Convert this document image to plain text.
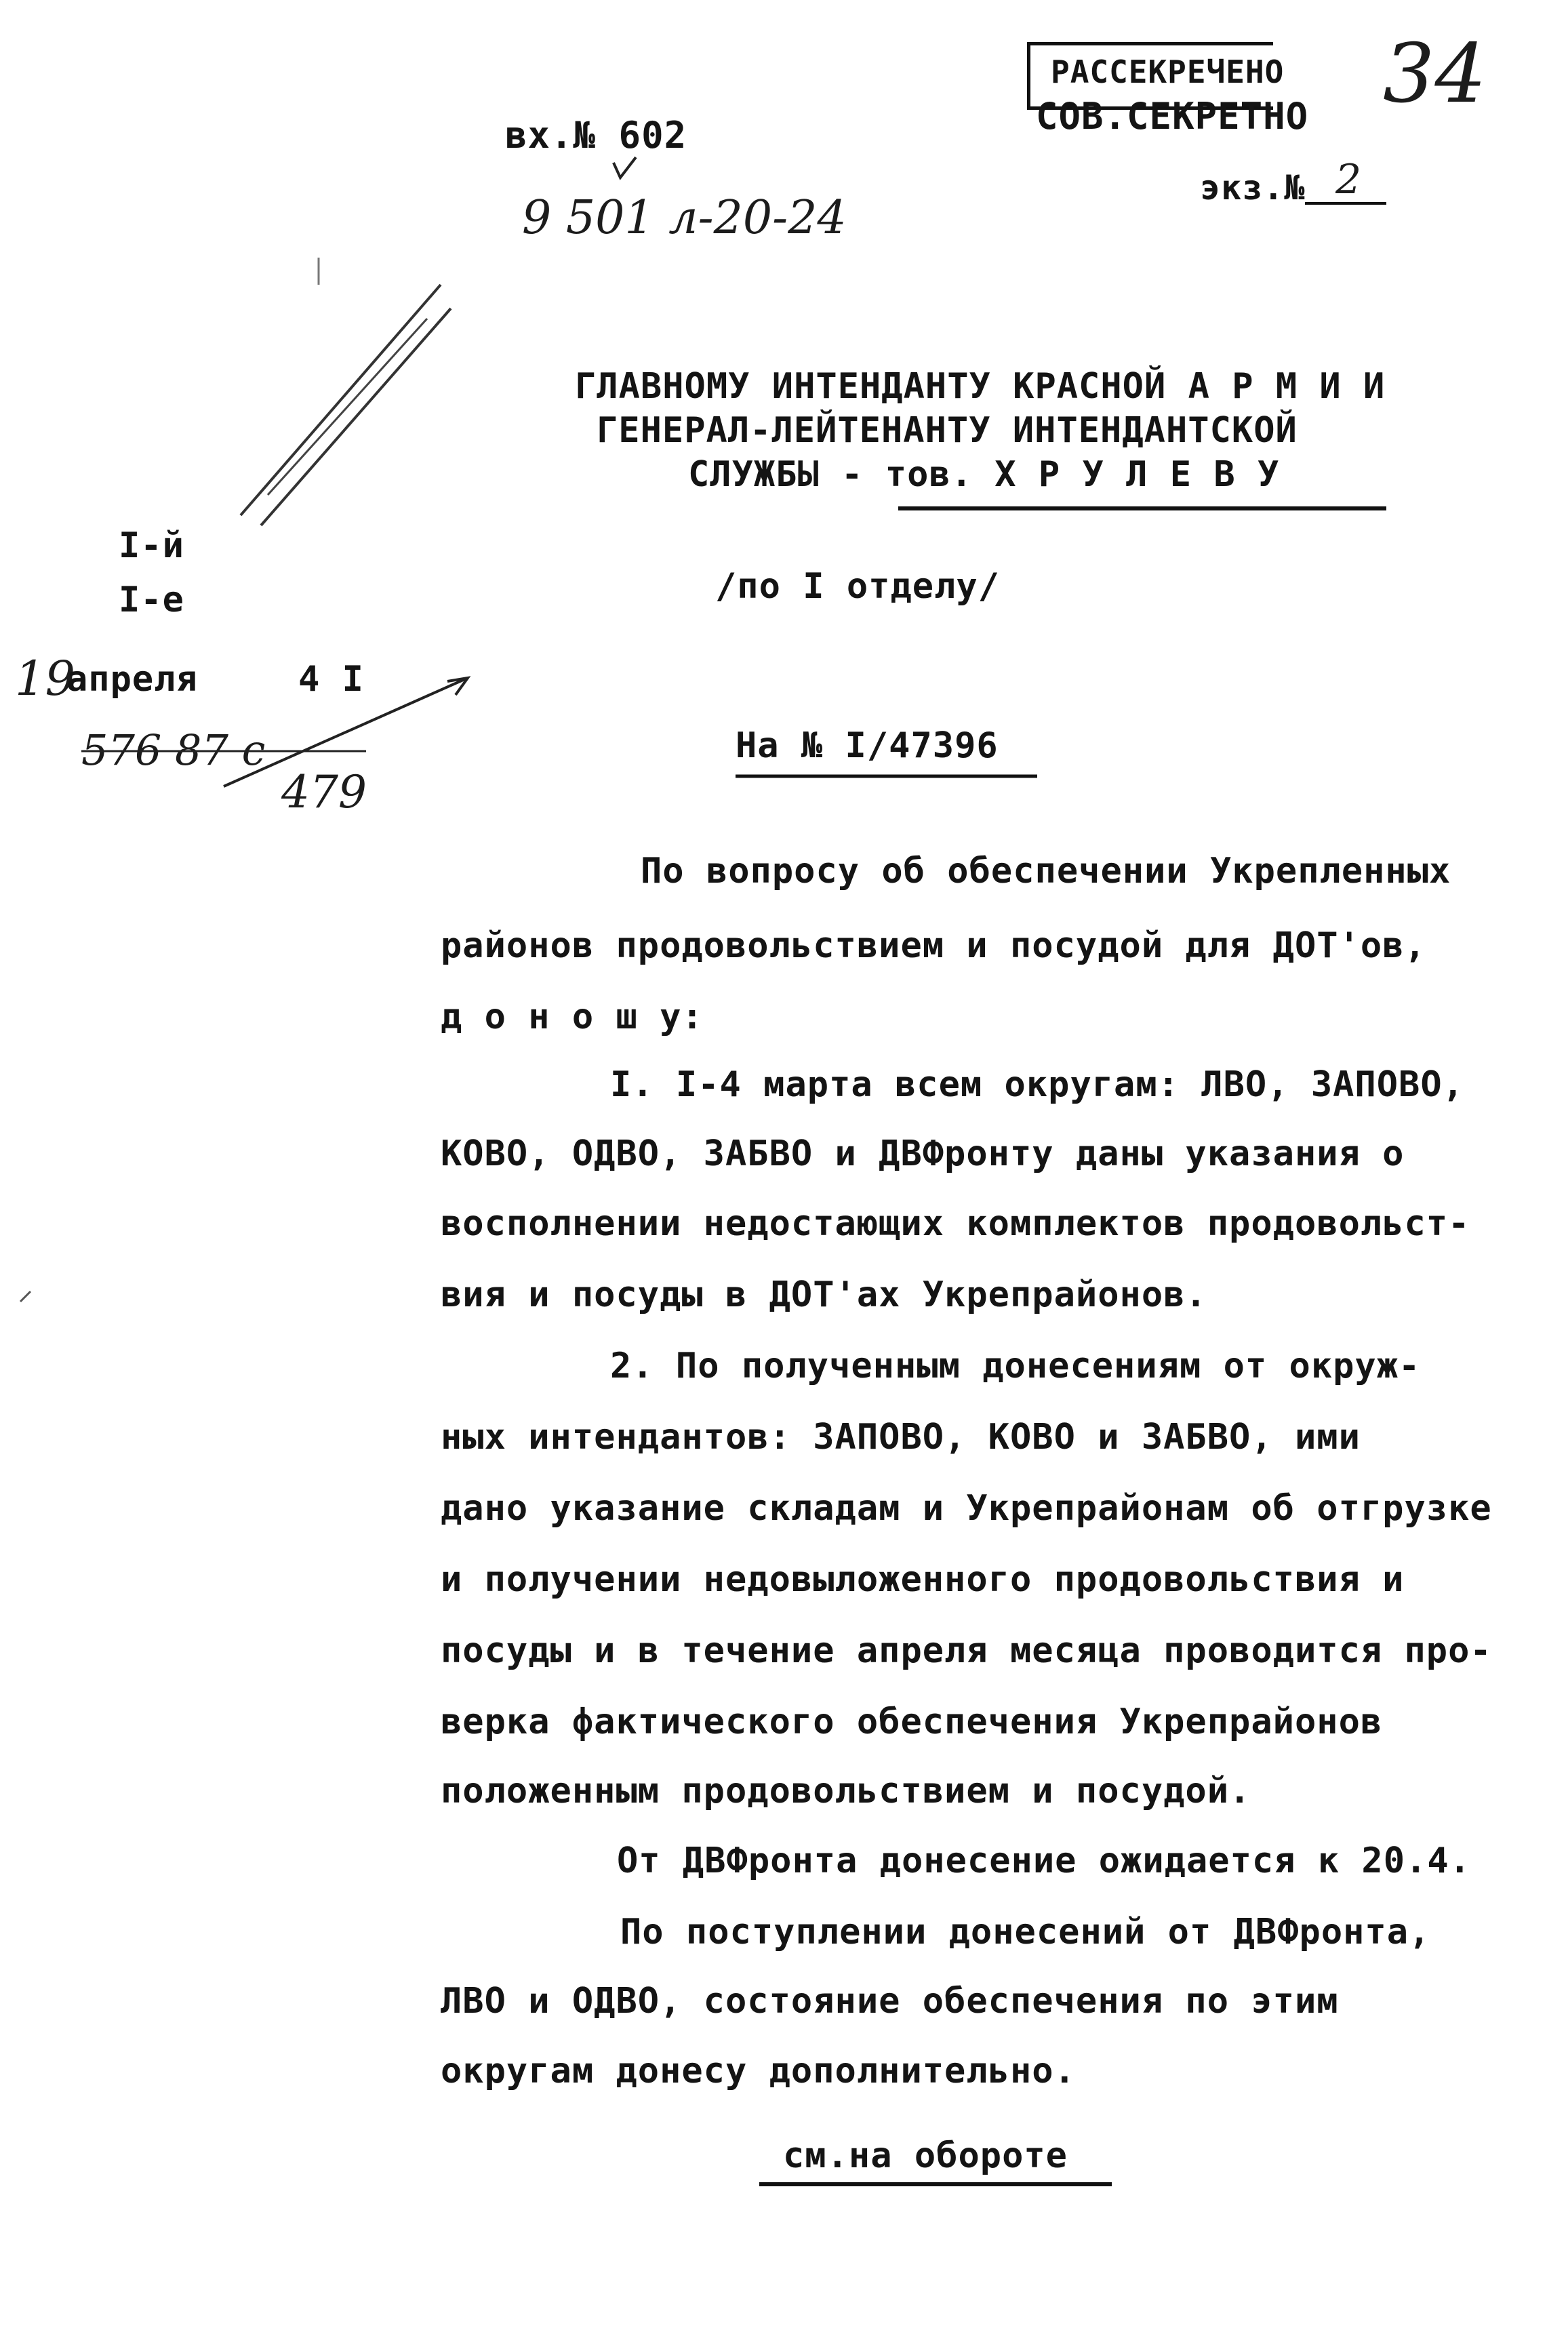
вх.№ 602
РАССЕКРЕЧЕНО
СОВ.СЕКРЕТНО
экз.№ 2
34
9 501 л-20-24
ГЛАВНОМУ ИНТЕНДАНТУ КРАСНОЙ А Р М И И
ГЕНЕРАЛ-ЛЕЙТЕНАНТУ ИНТЕНДАНТСКОЙ
СЛУЖБЫ - тов. Х Р У Л Е В У
/по I отделу/
I-й
I-е
19
апреля	4 I
576 87 с
479
На № I/47396
По вопросу об обеспечении Укрепленных
районов продовольствием и посудой для ДОТ'ов,
д о н о ш у:
I. I-4 марта всем округам: ЛВО, ЗАПОВО,
КОВО, ОДВО, ЗАБВО и ДВФронту даны указания о
восполнении недостающих комплектов продовольст-
вия и посуды в ДОТ'ах Укрепрайонов.
2. По полученным донесениям от окруж-
ных интендантов: ЗАПОВО, КОВО и ЗАБВО, ими
дано указание складам и Укрепрайонам об отгрузке
и получении недовыложенного продовольствия и
посуды и в течение апреля месяца проводится про-
верка фактического обеспечения Укрепрайонов
положенным продовольствием и посудой.
От ДВФронта донесение ожидается к 20.4.
По поступлении донесений от ДВФронта,
ЛВО и ОДВО, состояние обеспечения по этим
округам донесу дополнительно.
см.на обороте
